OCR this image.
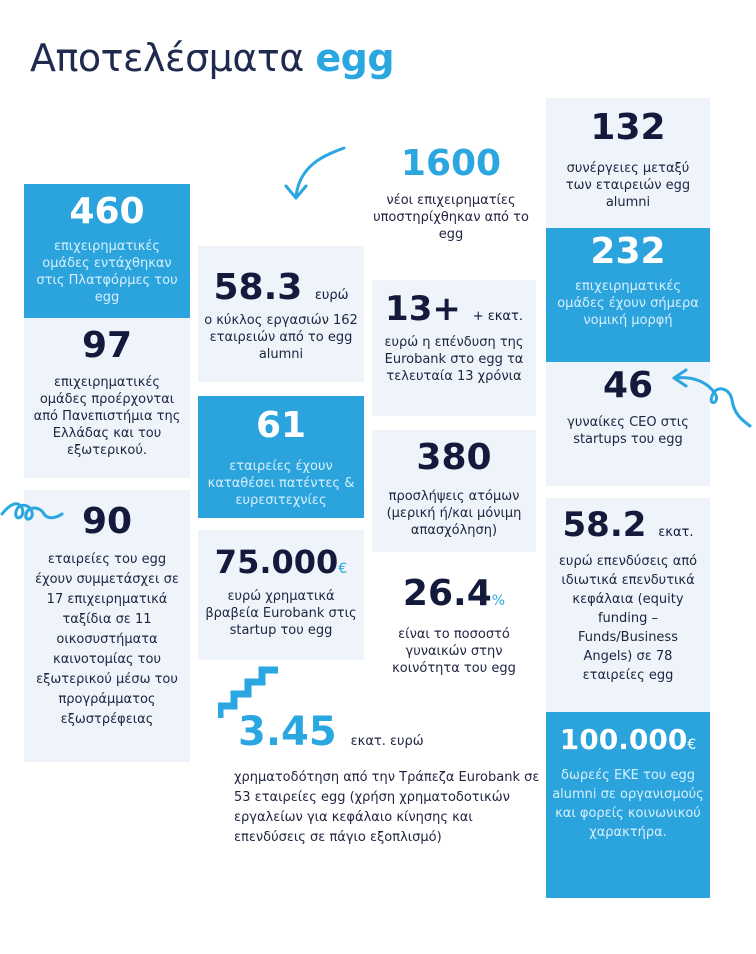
Αποτελέσματα egg
460
επιχειρηματικές ομάδες εντάχθηκαν στις Πλατφόρμες του egg
97
επιχειρηματικές ομάδες προέρχονται από Πανεπιστήμια της Ελλάδας και του εξωτερικού.
90
εταιρείες του egg έχουν συμμετάσχει σε 17 επιχειρηματικά ταξίδια σε 11 οικοσυστήματα καινοτομίας του εξωτερικού μέσω του προγράμματος εξωστρέφειας
58.3 ευρώ
ο κύκλος εργασιών 162 εταιρειών από το egg alumni
61
εταιρείες έχουν καταθέσει πατέντες & ευρεσιτεχνίες
75.000€
ευρώ χρηματικά βραβεία Eurobank στις startup του egg
1600
νέοι επιχειρηματίες υποστηρίχθηκαν από το egg
13+ + εκατ.
ευρώ η επένδυση της Eurobank στο egg τα τελευταία 13 χρόνια
380
προσλήψεις ατόμων (μερική ή/και μόνιμη απασχόληση)
26.4%
είναι το ποσοστό γυναικών στην κοινότητα του egg
3.45 εκατ. ευρώ
χρηματοδότηση από την Τράπεζα Eurobank σε 53 εταιρείες egg (χρήση χρηματοδοτικών εργαλείων για κεφάλαιο κίνησης και επενδύσεις σε πάγιο εξοπλισμό)
132
συνέργειες μεταξύ των εταιρειών egg alumni
232
επιχειρηματικές ομάδες έχουν σήμερα νομική μορφή
46
γυναίκες CEO στις startups του egg
58.2 εκατ.
ευρώ επενδύσεις από ιδιωτικά επενδυτικά κεφάλαια (equity funding – Funds/Business Angels) σε 78 εταιρείες egg
100.000€
δωρεές ΕΚΕ του egg alumni σε οργανισμούς και φορείς κοινωνικού χαρακτήρα.
